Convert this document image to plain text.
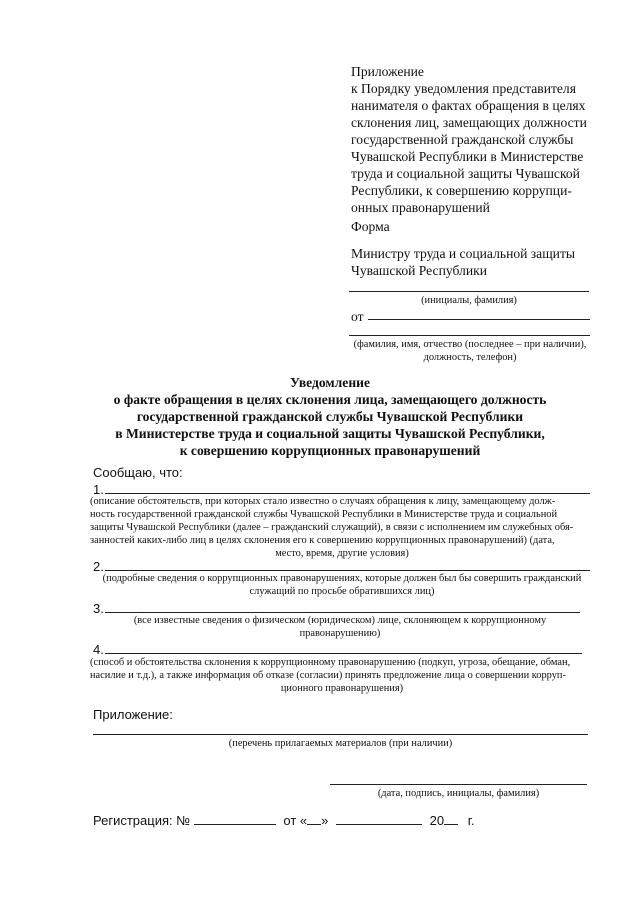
Приложение
к Порядку уведомления представителя
нанимателя о фактах обращения в целях
склонения лиц, замещающих должности
государственной гражданской службы
Чувашской Республики в Министерстве
труда и социальной защиты Чувашской
Республики, к совершению коррупци-
онных правонарушений
Форма
Министру труда и социальной защиты
Чувашской Республики
(инициалы, фамилия)
от
(фамилия, имя, отчество (последнее – при наличии),
должность, телефон)
Уведомление
о факте обращения в целях склонения лица, замещающего должность
государственной гражданской службы Чувашской Республики
в Министерстве труда и социальной защиты Чувашской Республики,
к совершению коррупционных правонарушений
Сообщаю, что:
1.
(описание обстоятельств, при которых стало известно о случаях обращения к лицу, замещающему долж-
ность государственной гражданской службы Чувашской Республики в Министерстве труда и социальной
защиты Чувашской Республики (далее – гражданский служащий), в связи с исполнением им служебных обя-
занностей каких-либо лиц в целях склонения его к совершению коррупционных правонарушений) (дата,
место, время, другие условия)
2.
(подробные сведения о коррупционных правонарушениях, которые должен был бы совершить гражданский
служащий по просьбе обратившихся лиц)
3.
(все известные сведения о физическом (юридическом) лице, склоняющем к коррупционному
правонарушению)
4.
(способ и обстоятельства склонения к коррупционному правонарушению (подкуп, угроза, обещание, обман,
насилие и т.д.), а также информация об отказе (согласии) принять предложение лица о совершении корруп-
ционного правонарушения)
Приложение:
(перечень прилагаемых материалов (при наличии)
(дата, подпись, инициалы, фамилия)
Регистрация: №	от « »	20 г.
